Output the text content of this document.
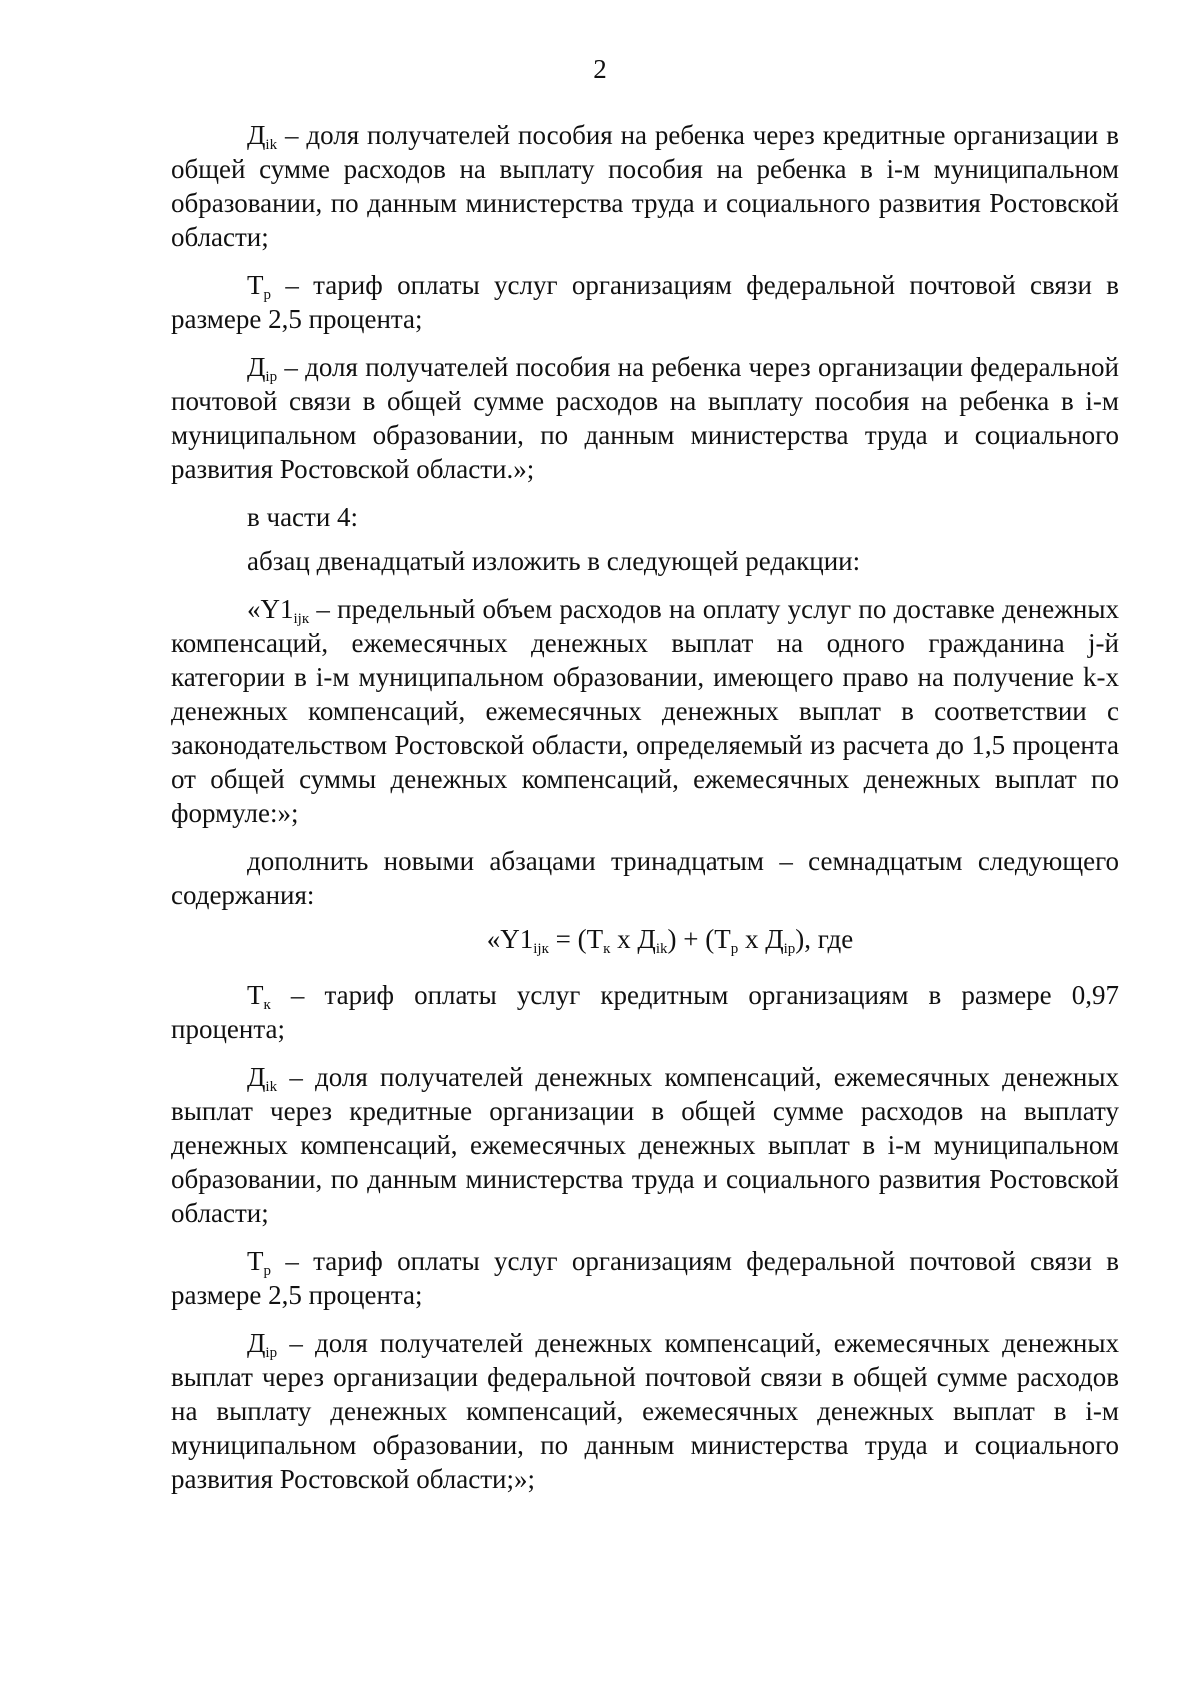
2

$Д_{ik}$ – доля получателей пособия на ребенка через кредитные организации в общей сумме расходов на выплату пособия на ребенка в i-м муниципальном образовании, по данным министерства труда и социального развития Ростовской области;

$Т_р$ – тариф оплаты услуг организациям федеральной почтовой связи в размере 2,5 процента;

$Д_{ip}$ – доля получателей пособия на ребенка через организации федеральной почтовой связи в общей сумме расходов на выплату пособия на ребенка в i-м муниципальном образовании, по данным министерства труда и социального развития Ростовской области.»;

в части 4:

абзац двенадцатый изложить в следующей редакции:

«$Y1_{ijк}$ – предельный объем расходов на оплату услуг по доставке денежных компенсаций, ежемесячных денежных выплат на одного гражданина j-й категории в i-м муниципальном образовании, имеющего право на получение k-х денежных компенсаций, ежемесячных денежных выплат в соответствии с законодательством Ростовской области, определяемый из расчета до 1,5 процента от общей суммы денежных компенсаций, ежемесячных денежных выплат по формуле:»;

дополнить новыми абзацами тринадцатым – семнадцатым следующего содержания:

«$Y1_{ijк} = (Т_к$ x $Д_{ik}) + (Т_р$ x $Д_{ip}$), где

$Т_к$ – тариф оплаты услуг кредитным организациям в размере 0,97 процента;

$Д_{ik}$ – доля получателей денежных компенсаций, ежемесячных денежных выплат через кредитные организации в общей сумме расходов на выплату денежных компенсаций, ежемесячных денежных выплат в i-м муниципальном образовании, по данным министерства труда и социального развития Ростовской области;

$Т_р$ – тариф оплаты услуг организациям федеральной почтовой связи в размере 2,5 процента;

$Д_{ip}$ – доля получателей денежных компенсаций, ежемесячных денежных выплат через организации федеральной почтовой связи в общей сумме расходов на выплату денежных компенсаций, ежемесячных денежных выплат в i-м муниципальном образовании, по данным министерства труда и социального развития Ростовской области;»;
